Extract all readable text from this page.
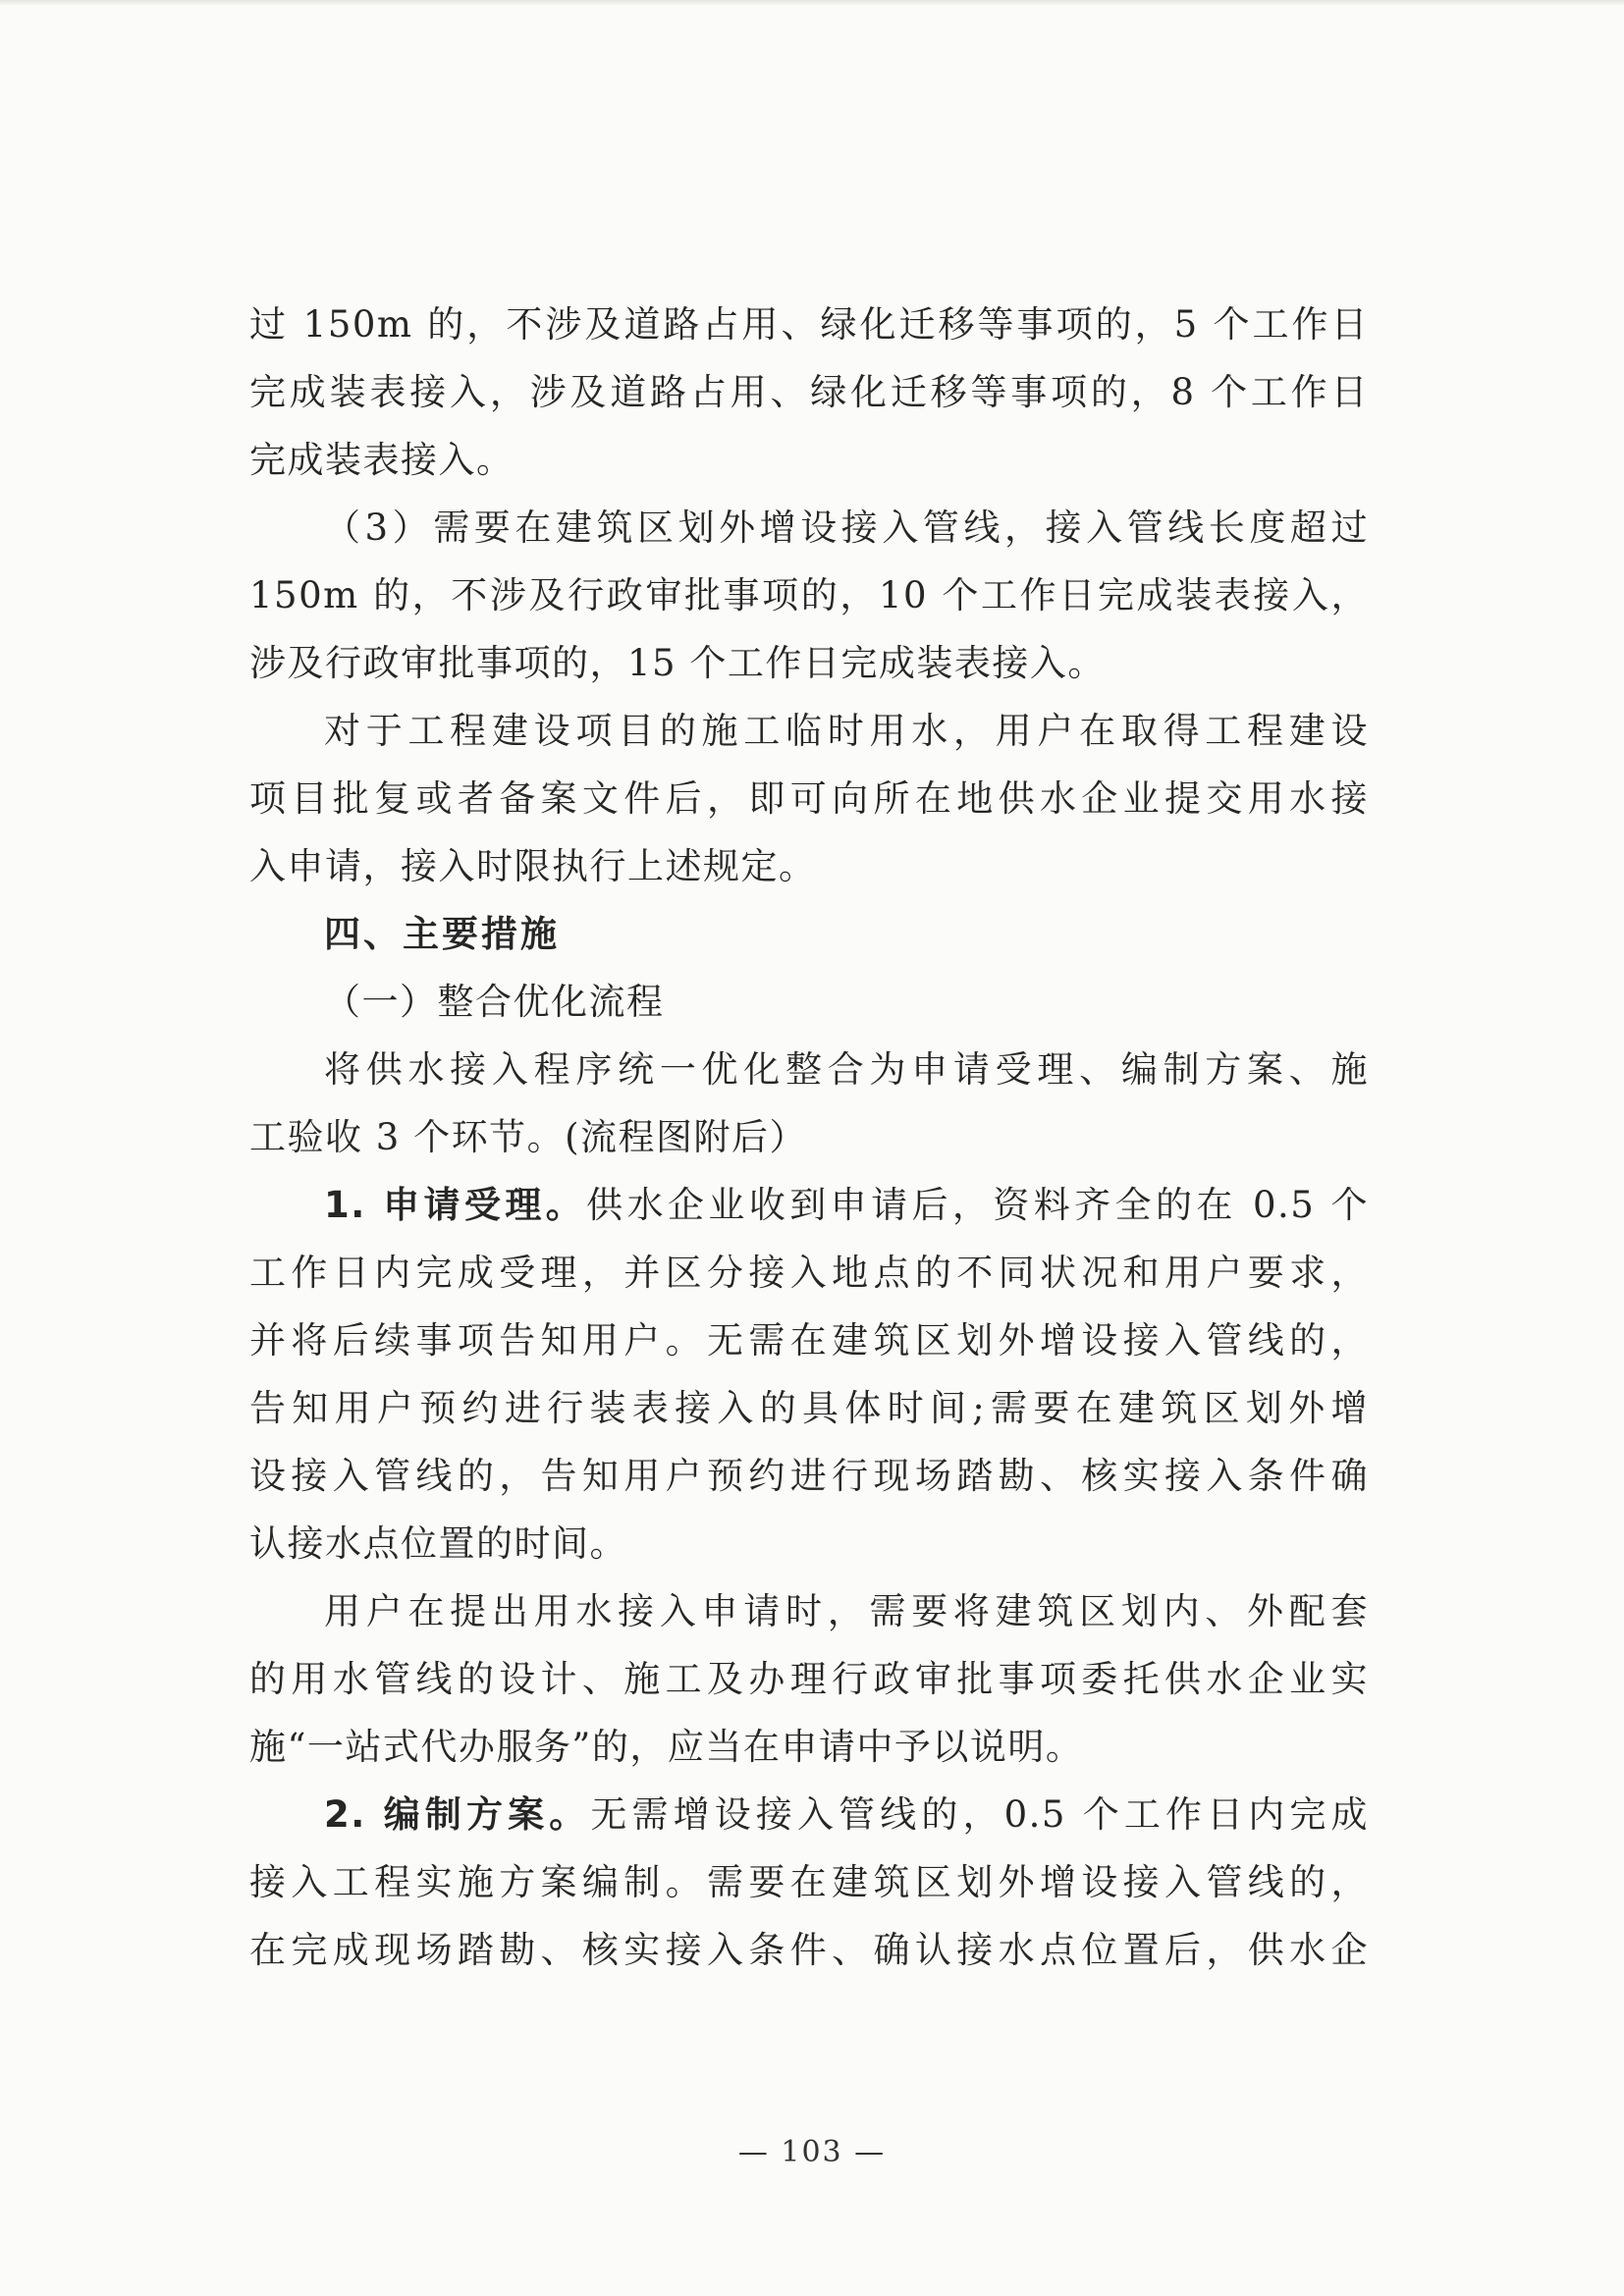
过 150m 的，不涉及道路占用、绿化迁移等事项的，5 个工作日
完成装表接入，涉及道路占用、绿化迁移等事项的，8 个工作日
完成装表接入。
（3）需要在建筑区划外增设接入管线，接入管线长度超过
150m 的，不涉及行政审批事项的，10 个工作日完成装表接入，
涉及行政审批事项的，15 个工作日完成装表接入。
对于工程建设项目的施工临时用水，用户在取得工程建设
项目批复或者备案文件后，即可向所在地供水企业提交用水接
入申请，接入时限执行上述规定。
四、主要措施
（一）整合优化流程
将供水接入程序统一优化整合为申请受理、编制方案、施
工验收 3 个环节。(流程图附后）
1. 申请受理。供水企业收到申请后，资料齐全的在 0.5 个
工作日内完成受理，并区分接入地点的不同状况和用户要求，
并将后续事项告知用户。无需在建筑区划外增设接入管线的，
告知用户预约进行装表接入的具体时间;需要在建筑区划外增
设接入管线的，告知用户预约进行现场踏勘、核实接入条件确
认接水点位置的时间。
用户在提出用水接入申请时，需要将建筑区划内、外配套
的用水管线的设计、施工及办理行政审批事项委托供水企业实
施“一站式代办服务”的，应当在申请中予以说明。
2. 编制方案。无需增设接入管线的，0.5 个工作日内完成
接入工程实施方案编制。需要在建筑区划外增设接入管线的，
在完成现场踏勘、核实接入条件、确认接水点位置后，供水企
— 103 —
